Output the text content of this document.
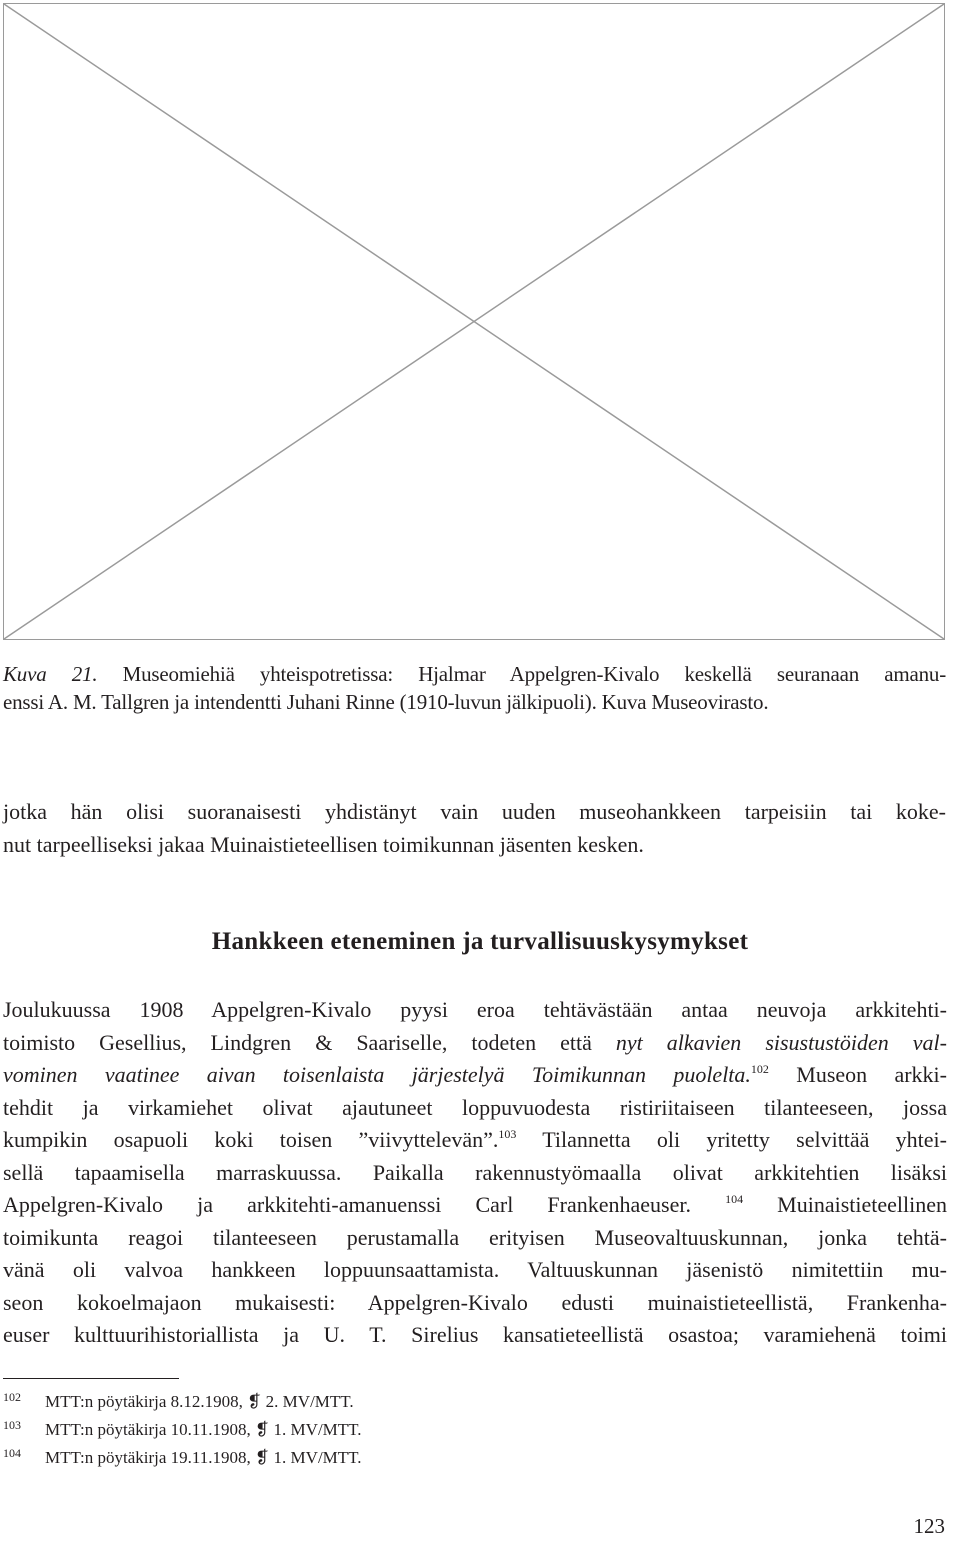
Kuva 21. Museomiehiä yhteispotretissa: Hjalmar Appelgren-Kivalo keskellä seuranaan amanu-
enssi A. M. Tallgren ja intendentti Juhani Rinne (1910-luvun jälkipuoli). Kuva Museovirasto.
jotka hän olisi suoranaisesti yhdistänyt vain uuden museohankkeen tarpeisiin tai koke-
nut tarpeelliseksi jakaa Muinaistieteellisen toimikunnan jäsenten kesken.
Hankkeen eteneminen ja turvallisuuskysymykset
Joulukuussa 1908 Appelgren-Kivalo pyysi eroa tehtävästään antaa neuvoja arkkitehti-
toimisto Gesellius, Lindgren & Saariselle, todeten että nyt alkavien sisustustöiden val-
vominen vaatinee aivan toisenlaista järjestelyä Toimikunnan puolelta.$^{102}$ Museon arkki-
tehdit ja virkamiehet olivat ajautuneet loppuvuodesta ristiriitaiseen tilanteeseen, jossa
kumpikin osapuoli koki toisen ”viivyttelevän”.$^{103}$ Tilannetta oli yritetty selvittää yhtei-
sellä tapaamisella marraskuussa. Paikalla rakennustyömaalla olivat arkkitehtien lisäksi
Appelgren-Kivalo ja arkkitehti-amanuenssi Carl Frankenhaeuser.	$^{104}$ Muinaistieteellinen
toimikunta reagoi tilanteeseen perustamalla erityisen Museovaltuuskunnan, jonka tehtä-
vänä oli valvoa hankkeen loppuunsaattamista. Valtuuskunnan jäsenistö nimitettiin mu-
seon kokoelmajaon mukaisesti: Appelgren-Kivalo edusti muinaistieteellistä, Frankenha-
euser kulttuurihistoriallista ja U. T. Sirelius kansatieteellistä osastoa; varamiehenä toimi
102 MTT:n pöytäkirja 8.12.1908, ❡ 2. MV/MTT.
103 MTT:n pöytäkirja 10.11.1908, ❡ 1. MV/MTT.
104 MTT:n pöytäkirja 19.11.1908, ❡ 1. MV/MTT.
123
